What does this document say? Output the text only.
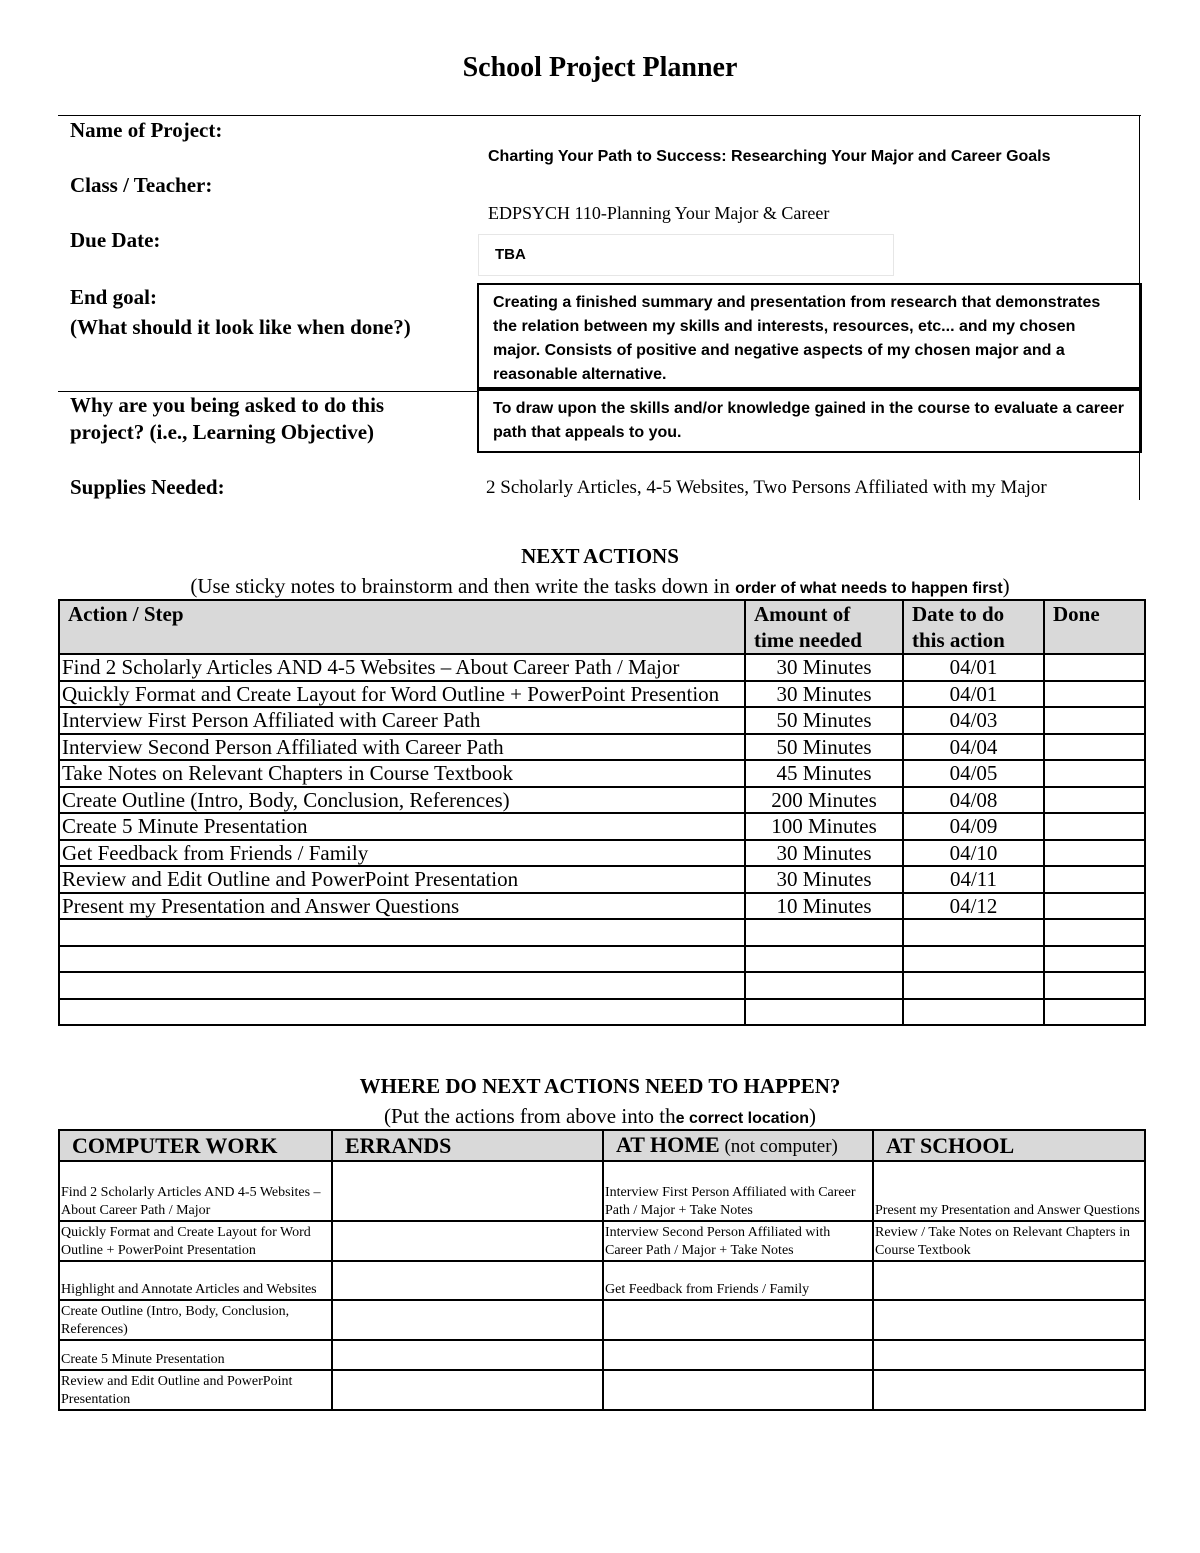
School Project Planner
Name of Project:
Charting Your Path to Success: Researching Your Major and Career Goals
Class / Teacher:
EDPSYCH 110-Planning Your Major & Career
Due Date:
TBA
End goal:
(What should it look like when done?)
Creating a finished summary and presentation from research that demonstrates the relation between my skills and interests, resources, etc... and my chosen major. Consists of positive and negative aspects of my chosen major and a reasonable alternative.
Why are you being asked to do this
project? (i.e., Learning Objective)
To draw upon the skills and/or knowledge gained in the course to evaluate a career path that appeals to you.
Supplies Needed:	2 Scholarly Articles, 4-5 Websites, Two Persons Affiliated with my Major
NEXT ACTIONS
(Use sticky notes to brainstorm and then write the tasks down in order of what needs to happen first)
Action / Step	Amount of time needed	Date to do this action	Done
Find 2 Scholarly Articles AND 4-5 Websites – About Career Path / Major	30 Minutes	04/01	
Quickly Format and Create Layout for Word Outline + PowerPoint Presention	30 Minutes	04/01	
Interview First Person Affiliated with Career Path	50 Minutes	04/03	
Interview Second Person Affiliated with Career Path	50 Minutes	04/04	
Take Notes on Relevant Chapters in Course Textbook	45 Minutes	04/05	
Create Outline (Intro, Body, Conclusion, References)	200 Minutes	04/08	
Create 5 Minute Presentation	100 Minutes	04/09	
Get Feedback from Friends / Family	30 Minutes	04/10	
Review and Edit Outline and PowerPoint Presentation	30 Minutes	04/11	
Present my Presentation and Answer Questions	10 Minutes	04/12	

WHERE DO NEXT ACTIONS NEED TO HAPPEN?
(Put the actions from above into the correct location)
COMPUTER WORK	ERRANDS	AT HOME (not computer)	AT SCHOOL
Find 2 Scholarly Articles AND 4-5 Websites – About Career Path / Major		Interview First Person Affiliated with Career Path / Major + Take Notes	Present my Presentation and Answer Questions
Quickly Format and Create Layout for Word Outline + PowerPoint Presentation		Interview Second Person Affiliated with Career Path / Major + Take Notes	Review / Take Notes on Relevant Chapters in Course Textbook
Highlight and Annotate Articles and Websites		Get Feedback from Friends / Family	
Create Outline (Intro, Body, Conclusion, References)			
Create 5 Minute Presentation			
Review and Edit Outline and PowerPoint Presentation			
